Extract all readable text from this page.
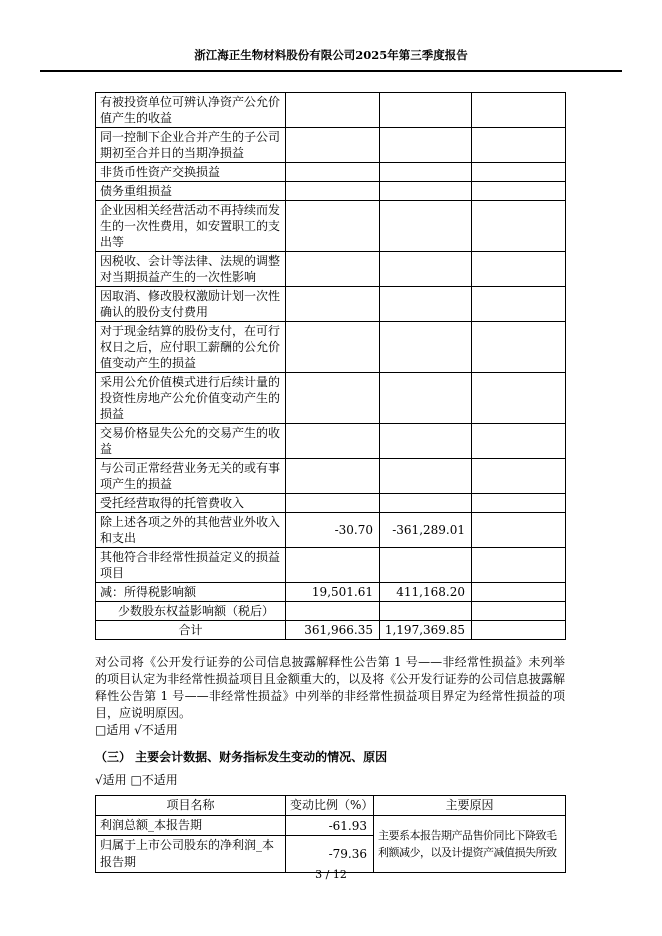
浙江海正生物材料股份有限公司2025年第三季度报告
有被投资单位可辨认净资产公允价值产生的收益			
同一控制下企业合并产生的子公司期初至合并日的当期净损益			
非货币性资产交换损益			
债务重组损益			
企业因相关经营活动不再持续而发生的一次性费用，如安置职工的支出等			
因税收、会计等法律、法规的调整对当期损益产生的一次性影响			
因取消、修改股权激励计划一次性确认的股份支付费用			
对于现金结算的股份支付，在可行权日之后，应付职工薪酬的公允价值变动产生的损益			
采用公允价值模式进行后续计量的投资性房地产公允价值变动产生的损益			
交易价格显失公允的交易产生的收益			
与公司正常经营业务无关的或有事项产生的损益			
受托经营取得的托管费收入			
除上述各项之外的其他营业外收入和支出	-30.70	-361,289.01	
其他符合非经常性损益定义的损益项目			
减：所得税影响额	19,501.61	411,168.20	
少数股东权益影响额（税后）			
合计	361,966.35	1,197,369.85	

对公司将《公开发行证券的公司信息披露解释性公告第 1 号——非经常性损益》未列举的项目认定为非经常性损益项目且金额重大的，以及将《公开发行证券的公司信息披露解释性公告第 1 号——非经常性损益》中列举的非经常性损益项目界定为经常性损益的项目，应说明原因。

□适用 √不适用

（三） 主要会计数据、财务指标发生变动的情况、原因

√适用 □不适用

项目名称	变动比例（%）	主要原因
利润总额_本报告期	-61.93	主要系本报告期产品售价同比下降致毛利额减少，以及计提资产减值损失所致
归属于上市公司股东的净利润_本报告期	-79.36	
3 / 12
